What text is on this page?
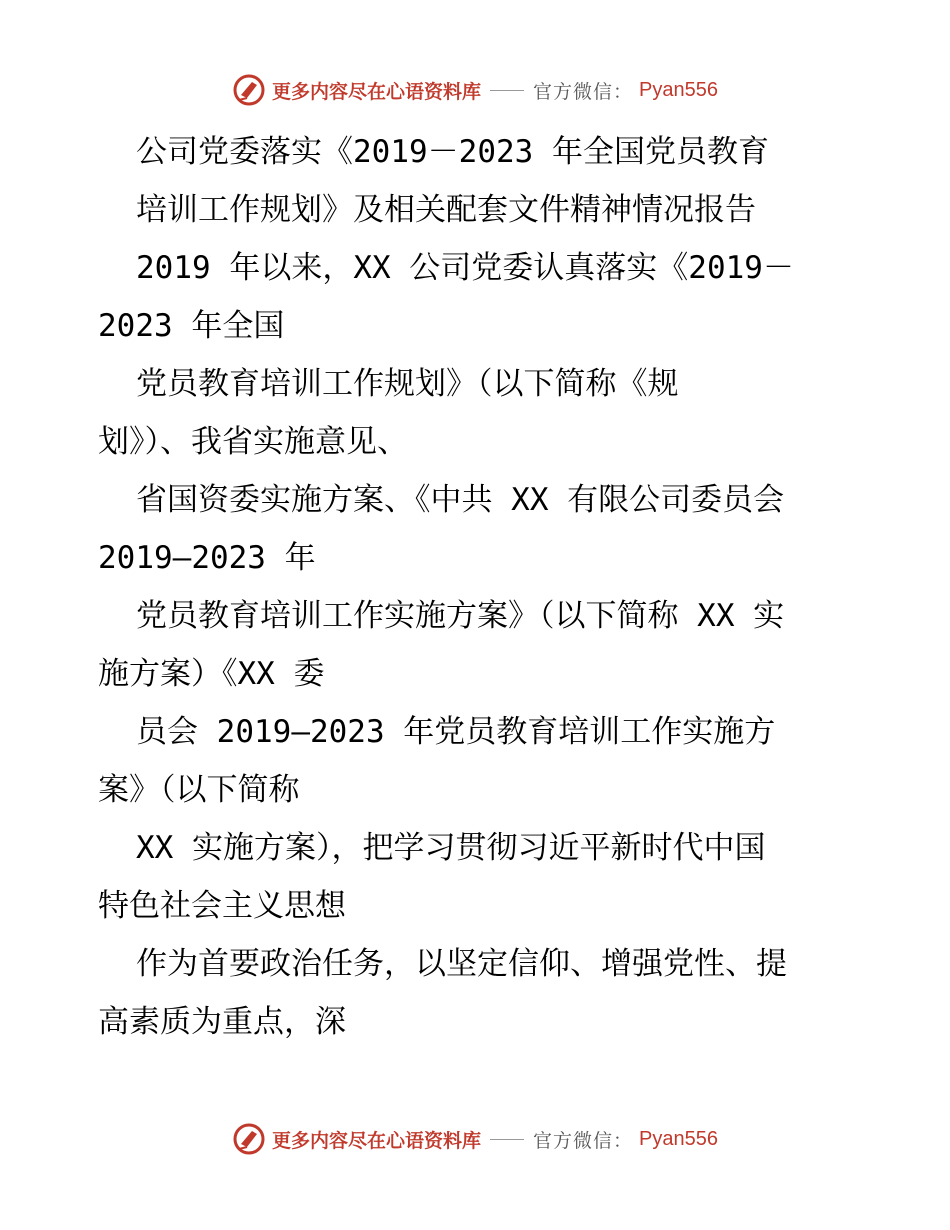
更多内容尽在心语资料库	官方微信： Pyan556
公司党委落实《2019－2023 年全国党员教育
培训工作规划》及相关配套文件精神情况报告
2019 年以来，XX 公司党委认真落实《2019－
2023 年全国
党员教育培训工作规划》（以下简称《规
划》）、我省实施意见、
省国资委实施方案、《中共 XX 有限公司委员会
2019—2023 年
党员教育培训工作实施方案》（以下简称 XX 实
施方案）《XX 委
员会 2019—2023 年党员教育培训工作实施方
案》（以下简称
XX 实施方案），把学习贯彻习近平新时代中国
特色社会主义思想
作为首要政治任务，以坚定信仰、增强党性、提
高素质为重点，深
更多内容尽在心语资料库	官方微信： Pyan556
